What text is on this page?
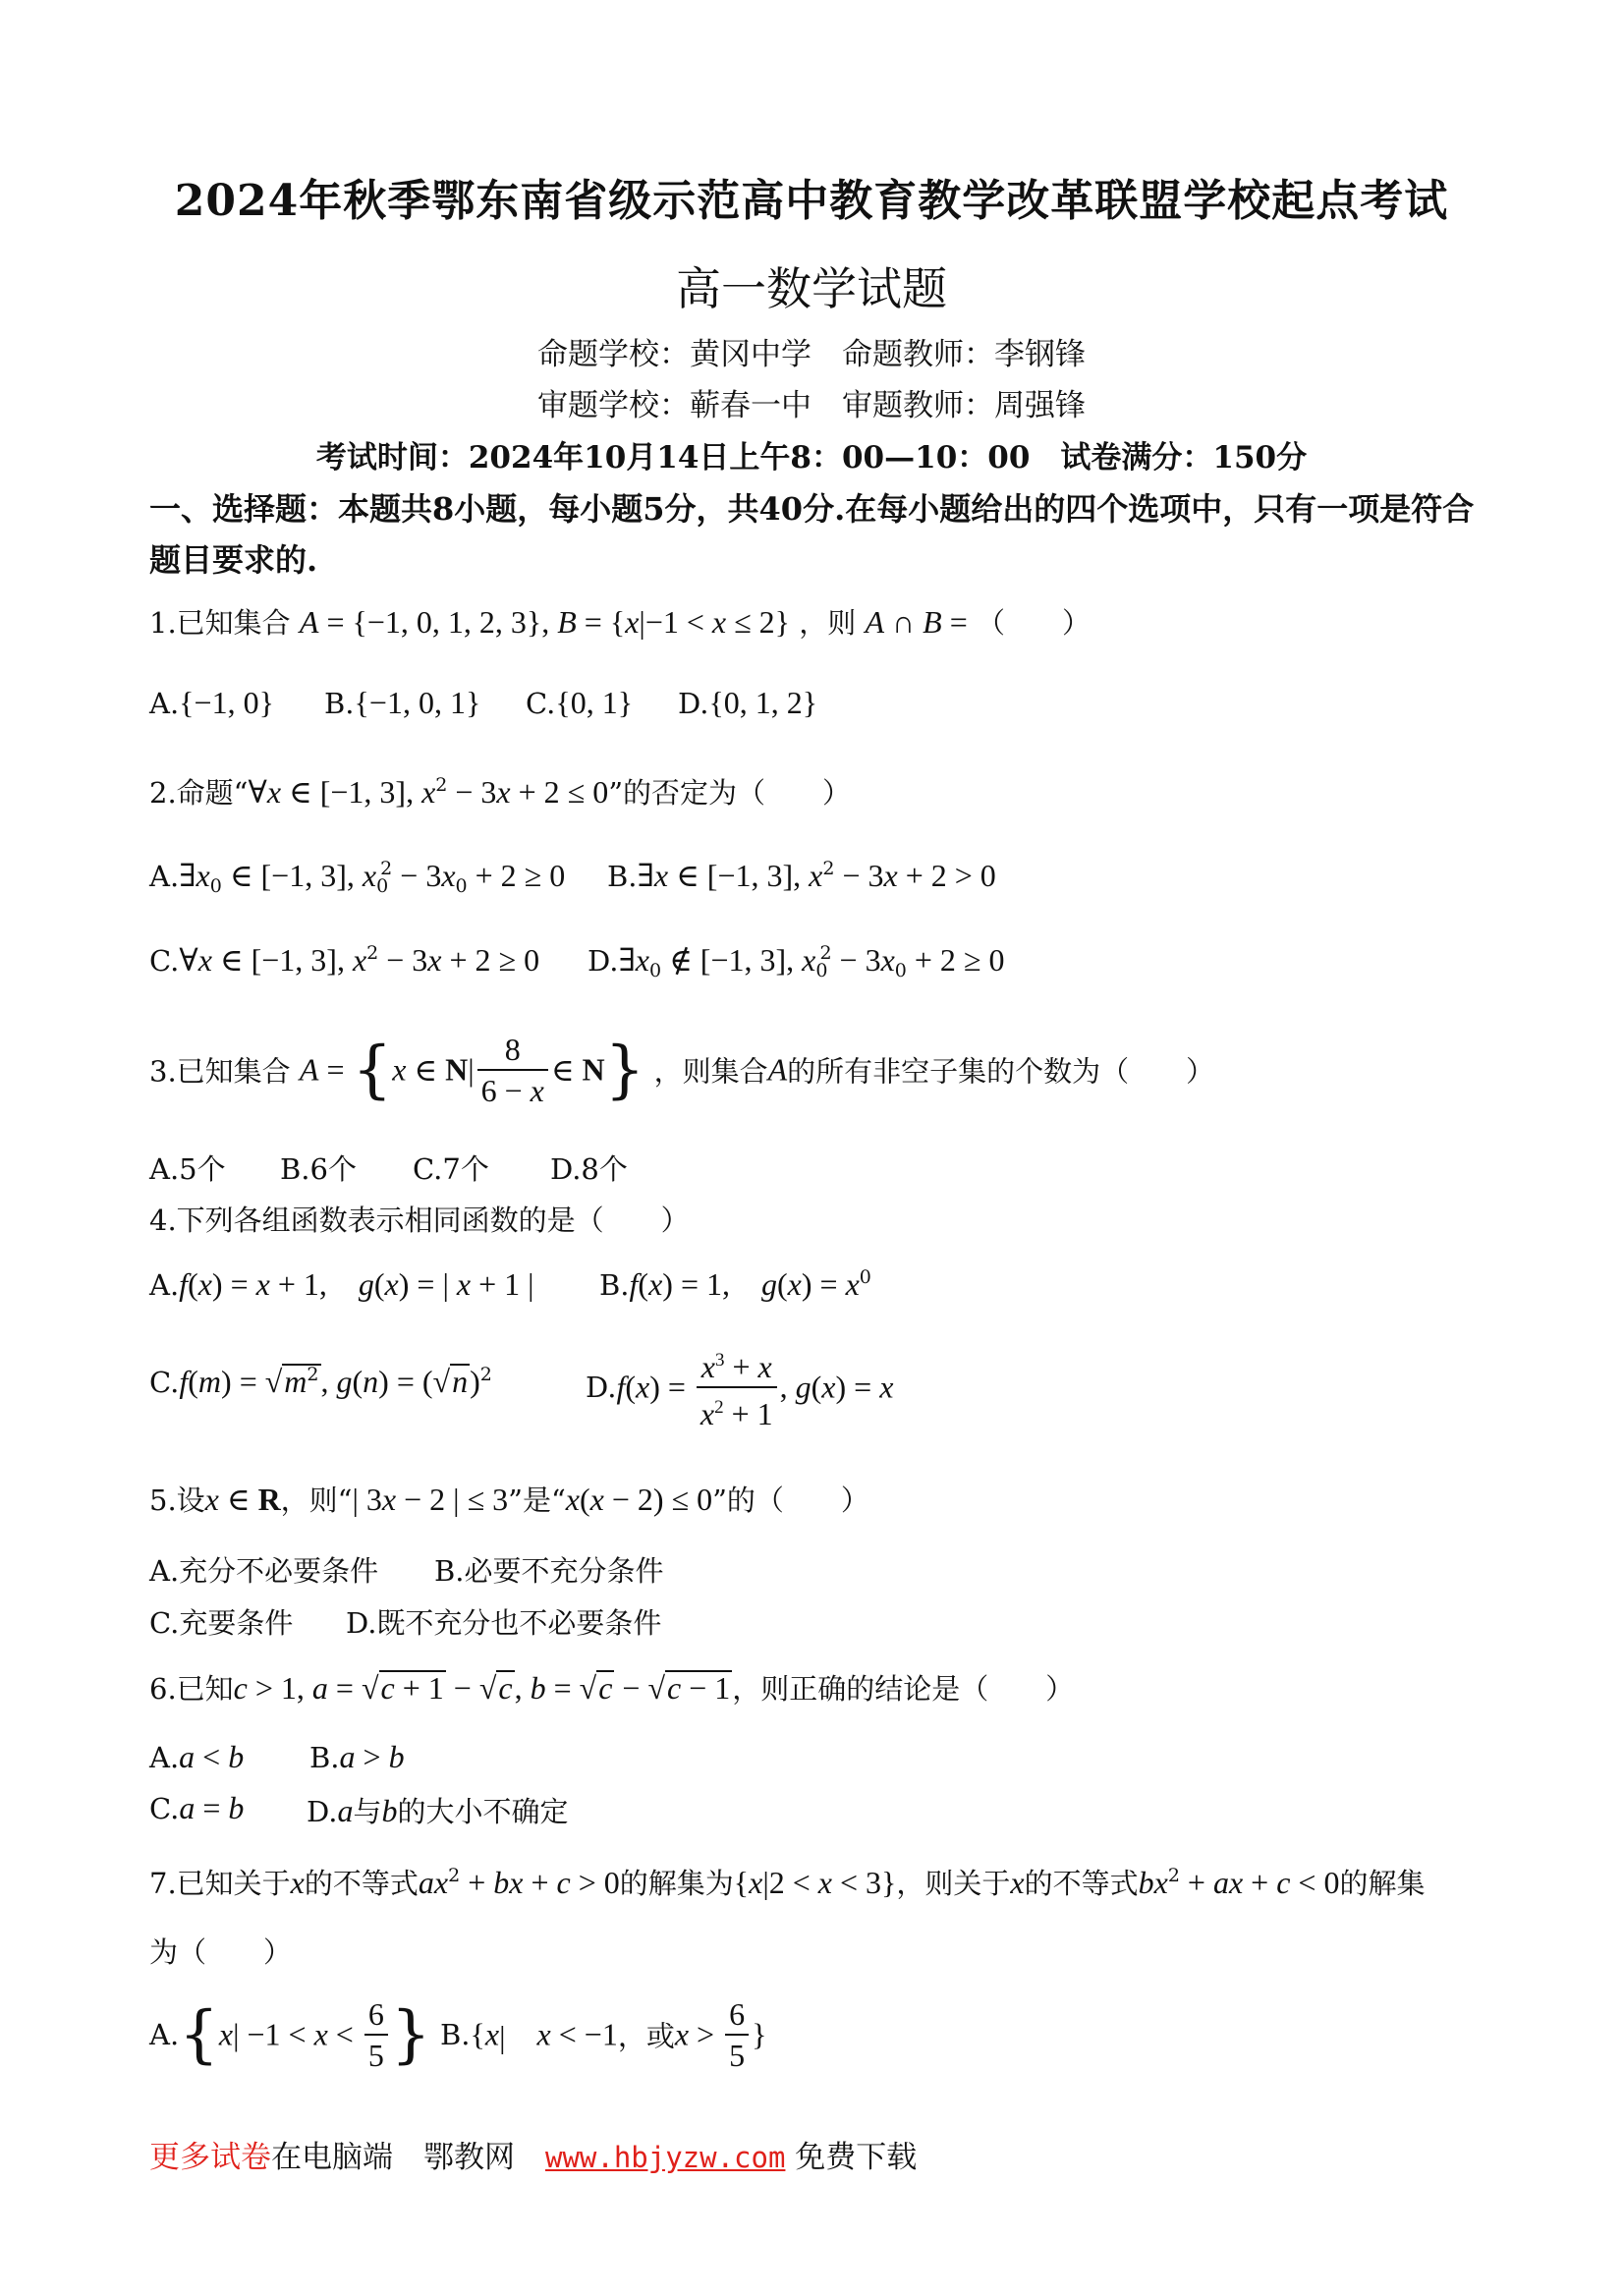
2024年秋季鄂东南省级示范高中教育教学改革联盟学校起点考试
高一数学试题
命题学校：黄冈中学　命题教师：李钢锋
审题学校：蕲春一中　审题教师：周强锋
考试时间：2024年10月14日上午8：00—10：00　试卷满分：150分
一、选择题：本题共8小题，每小题5分，共40分.在每小题给出的四个选项中，只有一项是符合题目要求的.
1.已知集合 A = {−1, 0, 1, 2, 3}, B = {x|−1 < x ≤ 2} ，则 A ∩ B = （　　）
A.{−1, 0} B.{−1, 0, 1} C.{0, 1} D.{0, 1, 2}
2.命题“∀x ∈ [−1, 3], $x^2 - 3x + 2 \le 0$”的否定为（　　）
$A.\exists x_0$ ∈ [−1, 3], $x_0^2 - 3x_0 + 2 \ge 0$ B.∃x ∈ [−1, 3], $x^2 - 3x + 2 > 0$
C.∀x ∈ [−1, 3], $x^2 - 3x + 2 \ge 0$ $D.\exists x_0$ ∉ [−1, 3], $x_0^2 - 3x_0 + 2 \ge 0$
3.已知集合 A = {x ∈ $N| \frac{8}{6 - x}$ ∈ N} ，则集合A的所有非空子集的个数为（　　）
A.5个 B.6个 C.7个 D.8个
4.下列各组函数表示相同函数的是（　　）
A.f(x) = x + 1,　g(x) = | x + 1 | B.f(x) = 1,　$g(x) = x^0$
$C.f(m) = √m^2$, $g(n) = (√n)^2$	$D.f(x) = \frac{x^3 + x}{x^2 + 1}$ , g(x) = x
5.设x ∈ R，则“| 3x − 2 | ≤ 3”是“x(x − 2) ≤ 0”的（　　）
A.充分不必要条件 B.必要不充分条件
C.充要条件 D.既不充分也不必要条件
6.已知c > 1, a = √c + 1 − √c, b = √c − √c − 1，则正确的结论是（　　）
A.a < b B.a > b
C.a = b D.a与b的大小不确定
7.已知关于x的不等式$ax^2$ + bx + c > 0的解集为{x|2 < x < 3}，则关于x的不等式$bx^2$ + ax + c < 0的解集
为（　　）
$A.\{x| -1 < x < \frac{6}{5}$ } B.{x|　x < −1，或$x > \frac{6}{5}$ }
更多试卷在电脑端　鄂教网　www.hbjyzw.com 免费下载
